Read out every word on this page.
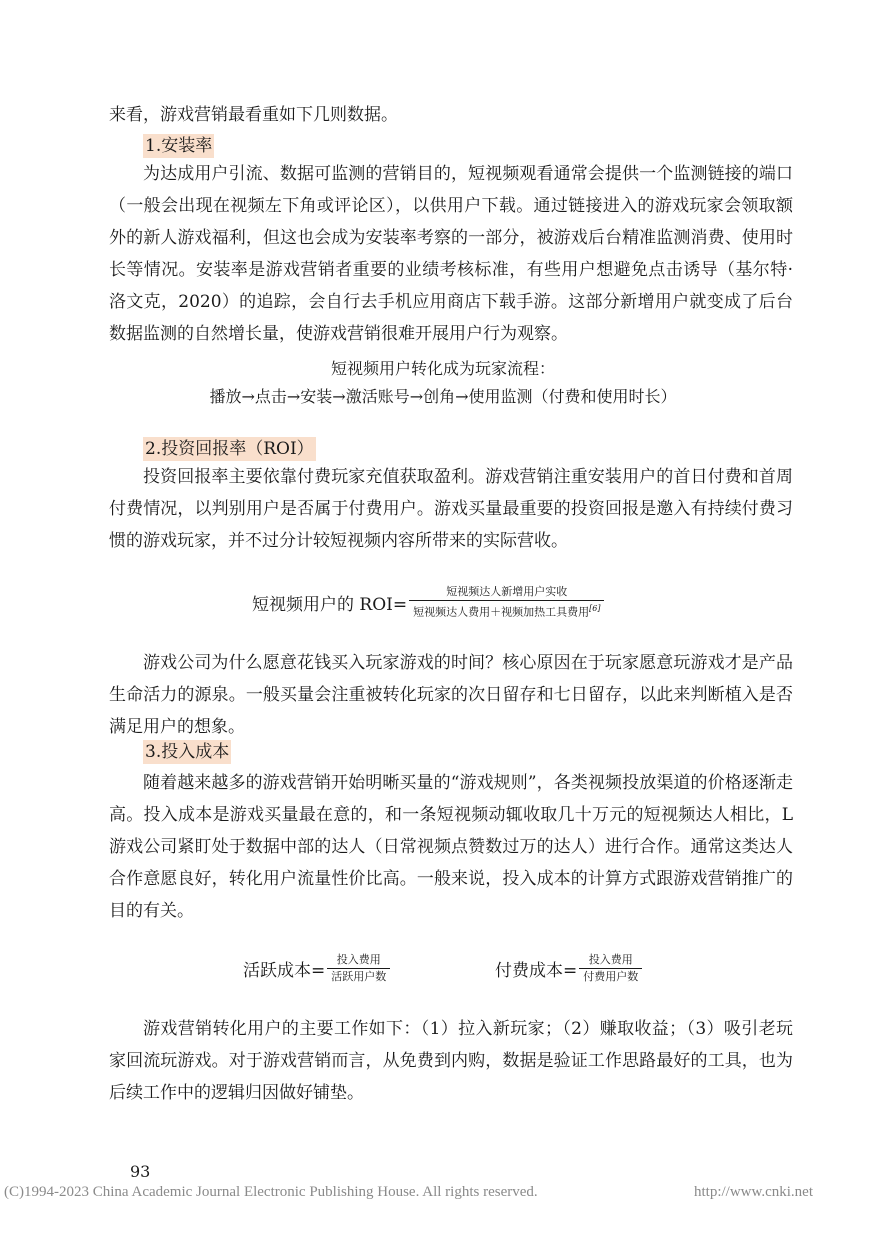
来看，游戏营销最看重如下几则数据。

1.安装率

为达成用户引流、数据可监测的营销目的，短视频观看通常会提供一个监测链接的端口（一般会出现在视频左下角或评论区），以供用户下载。通过链接进入的游戏玩家会领取额外的新人游戏福利，但这也会成为安装率考察的一部分，被游戏后台精准监测消费、使用时长等情况。安装率是游戏营销者重要的业绩考核标准，有些用户想避免点击诱导（基尔特·洛文克，2020）的追踪，会自行去手机应用商店下载手游。这部分新增用户就变成了后台数据监测的自然增长量，使游戏营销很难开展用户行为观察。

短视频用户转化成为玩家流程：

播放→点击→安装→激活账号→创角→使用监测（付费和使用时长）

2.投资回报率（ROI）

投资回报率主要依靠付费玩家充值获取盈利。游戏营销注重安装用户的首日付费和首周付费情况，以判别用户是否属于付费用户。游戏买量最重要的投资回报是邀入有持续付费习惯的游戏玩家，并不过分计较短视频内容所带来的实际营收。

短视频用户的 $ROI= \frac{\text{短视频达人新增用户实收}}{短视频达人费用+视频加热工具费用^{[6]}}$

游戏公司为什么愿意花钱买入玩家游戏的时间？核心原因在于玩家愿意玩游戏才是产品生命活力的源泉。一般买量会注重被转化玩家的次日留存和七日留存，以此来判断植入是否满足用户的想象。

3.投入成本

随着越来越多的游戏营销开始明晰买量的“游戏规则”，各类视频投放渠道的价格逐渐走高。投入成本是游戏买量最在意的，和一条短视频动辄收取几十万元的短视频达人相比，L游戏公司紧盯处于数据中部的达人（日常视频点赞数过万的达人）进行合作。通常这类达人合作意愿良好，转化用户流量性价比高。一般来说，投入成本的计算方式跟游戏营销推广的目的有关。

活跃成本= $\frac{\text{投入费用}}{\text{活跃用户数}}$	付费成本= $\frac{\text{投入费用}}{\text{付费用户数}}$

游戏营销转化用户的主要工作如下：（1）拉入新玩家；（2）赚取收益；（3）吸引老玩家回流玩游戏。对于游戏营销而言，从免费到内购，数据是验证工作思路最好的工具，也为后续工作中的逻辑归因做好铺垫。

93
(C)1994-2023 China Academic Journal Electronic Publishing House. All rights reserved.	http://www.cnki.net
